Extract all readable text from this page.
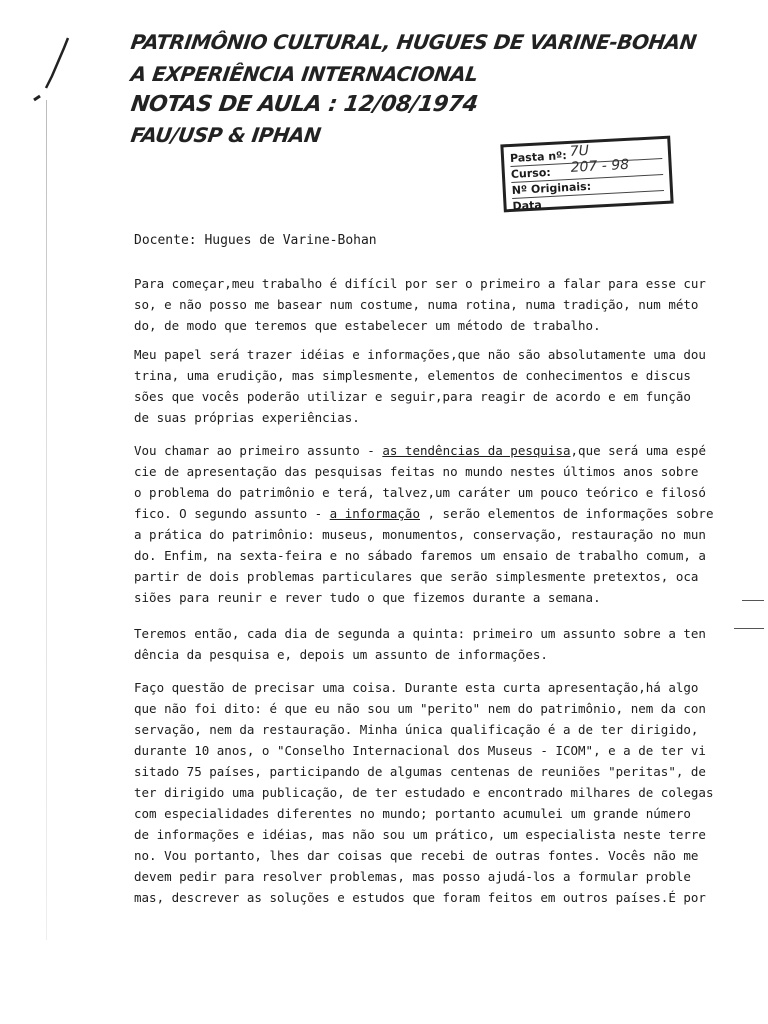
PATRIMÔNIO CULTURAL, HUGUES DE VARINE-BOHAN
A EXPERIÊNCIA INTERNACIONAL
NOTAS DE AULA : 12/08/1974
FAU/USP & IPHAN
Pasta nº: 7U
Curso: 207 - 98
Nº Originais:
Data
Docente: Hugues de Varine-Bohan
Para começar,meu trabalho é difícil por ser o primeiro a falar para esse cur
so, e não posso me basear num costume, numa rotina, numa tradição, num méto
do, de modo que teremos que estabelecer um método de trabalho.
Meu papel será trazer idéias e informações,que não são absolutamente uma dou
trina, uma erudição, mas simplesmente, elementos de conhecimentos e discus
sões que vocês poderão utilizar e seguir,para reagir de acordo e em função
de suas próprias experiências.
Vou chamar ao primeiro assunto - as tendências da pesquisa,que será uma espé
cie de apresentação das pesquisas feitas no mundo nestes últimos anos sobre
o problema do patrimônio e terá, talvez,um caráter um pouco teórico e filosó
fico. O segundo assunto - a informação , serão elementos de informações sobre
a prática do patrimônio: museus, monumentos, conservação, restauração no mun
do. Enfim, na sexta-feira e no sábado faremos um ensaio de trabalho comum, a
partir de dois problemas particulares que serão simplesmente pretextos, oca
siões para reunir e rever tudo o que fizemos durante a semana.
Teremos então, cada dia de segunda a quinta: primeiro um assunto sobre a ten
dência da pesquisa e, depois um assunto de informações.
Faço questão de precisar uma coisa. Durante esta curta apresentação,há algo
que não foi dito: é que eu não sou um "perito" nem do patrimônio, nem da con
servação, nem da restauração. Minha única qualificação é a de ter dirigido,
durante 10 anos, o "Conselho Internacional dos Museus - ICOM", e a de ter vi
sitado 75 países, participando de algumas centenas de reuniões "peritas", de
ter dirigido uma publicação, de ter estudado e encontrado milhares de colegas
com especialidades diferentes no mundo; portanto acumulei um grande número
de informações e idéias, mas não sou um prático, um especialista neste terre
no. Vou portanto, lhes dar coisas que recebi de outras fontes. Vocês não me
devem pedir para resolver problemas, mas posso ajudá-los a formular proble
mas, descrever as soluções e estudos que foram feitos em outros países.É por
